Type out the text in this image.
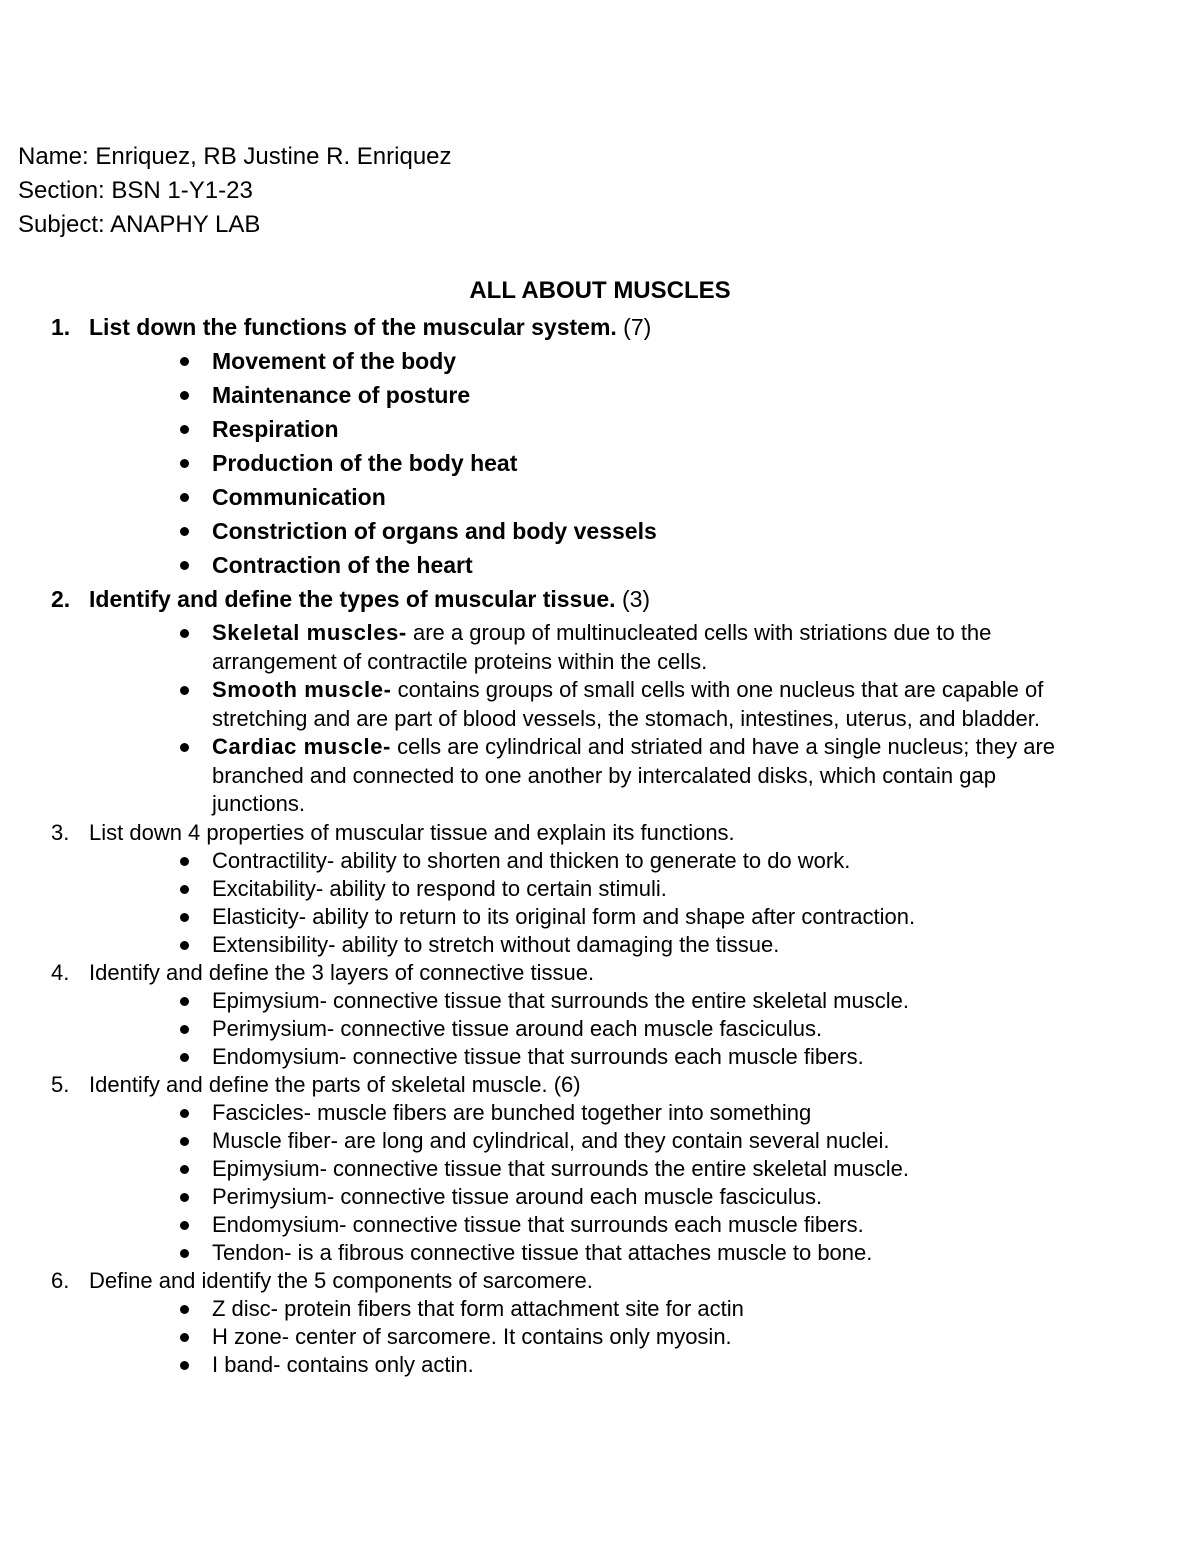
Name: Enriquez, RB Justine R. Enriquez
Section: BSN 1-Y1-23
Subject: ANAPHY LAB
ALL ABOUT MUSCLES
1. List down the functions of the muscular system. (7)
Movement of the body
Maintenance of posture
Respiration
Production of the body heat
Communication
Constriction of organs and body vessels
Contraction of the heart
2. Identify and define the types of muscular tissue. (3)
Skeletal muscles- are a group of multinucleated cells with striations due to the arrangement of contractile proteins within the cells.
Smooth muscle- contains groups of small cells with one nucleus that are capable of stretching and are part of blood vessels, the stomach, intestines, uterus, and bladder.
Cardiac muscle- cells are cylindrical and striated and have a single nucleus; they are branched and connected to one another by intercalated disks, which contain gap junctions.
3. List down 4 properties of muscular tissue and explain its functions.
Contractility- ability to shorten and thicken to generate to do work.
Excitability- ability to respond to certain stimuli.
Elasticity- ability to return to its original form and shape after contraction.
Extensibility- ability to stretch without damaging the tissue.
4. Identify and define the 3 layers of connective tissue.
Epimysium- connective tissue that surrounds the entire skeletal muscle.
Perimysium- connective tissue around each muscle fasciculus.
Endomysium- connective tissue that surrounds each muscle fibers.
5. Identify and define the parts of skeletal muscle. (6)
Fascicles- muscle fibers are bunched together into something
Muscle fiber- are long and cylindrical, and they contain several nuclei.
Epimysium- connective tissue that surrounds the entire skeletal muscle.
Perimysium- connective tissue around each muscle fasciculus.
Endomysium- connective tissue that surrounds each muscle fibers.
Tendon- is a fibrous connective tissue that attaches muscle to bone.
6. Define and identify the 5 components of sarcomere.
Z disc- protein fibers that form attachment site for actin
H zone- center of sarcomere. It contains only myosin.
I band- contains only actin.
